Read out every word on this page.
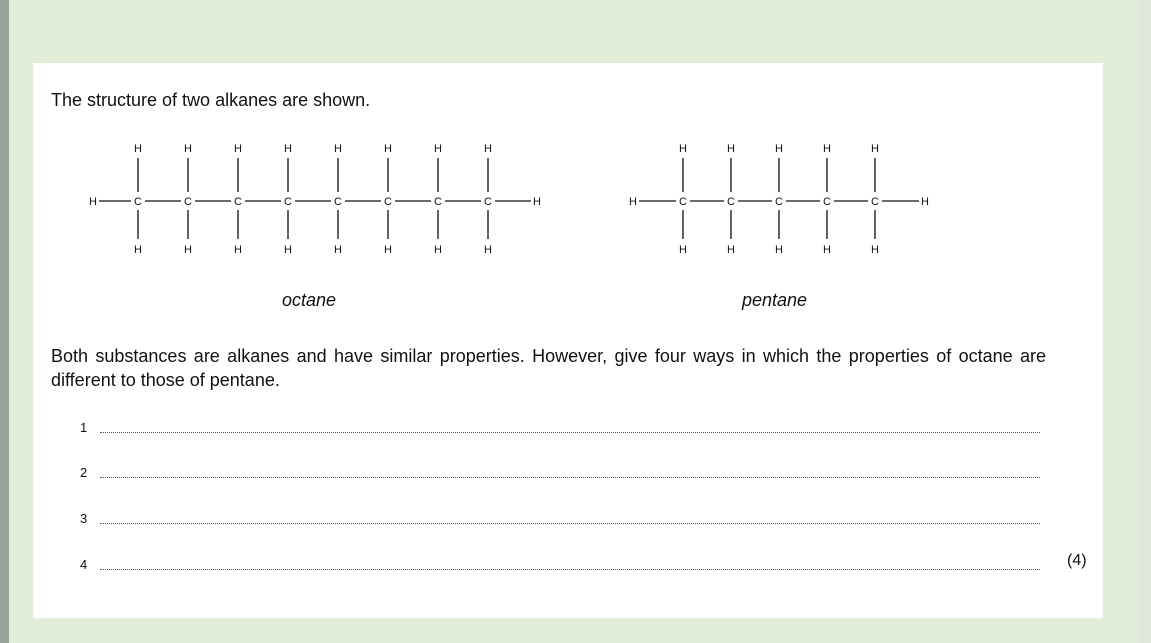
The structure of two alkanes are shown.
H	H
H
C
H
H
C
H
H
C
H
H
C
H
H
C
H
H
C
H
H
C
H
H
C
H
H	H
H
C
H
H
C
H
H
C
H
H
C
H
H
C
H
octane	pentane
Both substances are alkanes and have similar properties. However, give four ways in which the properties of octane are different to those of pentane.
1
2
3
4	(4)
